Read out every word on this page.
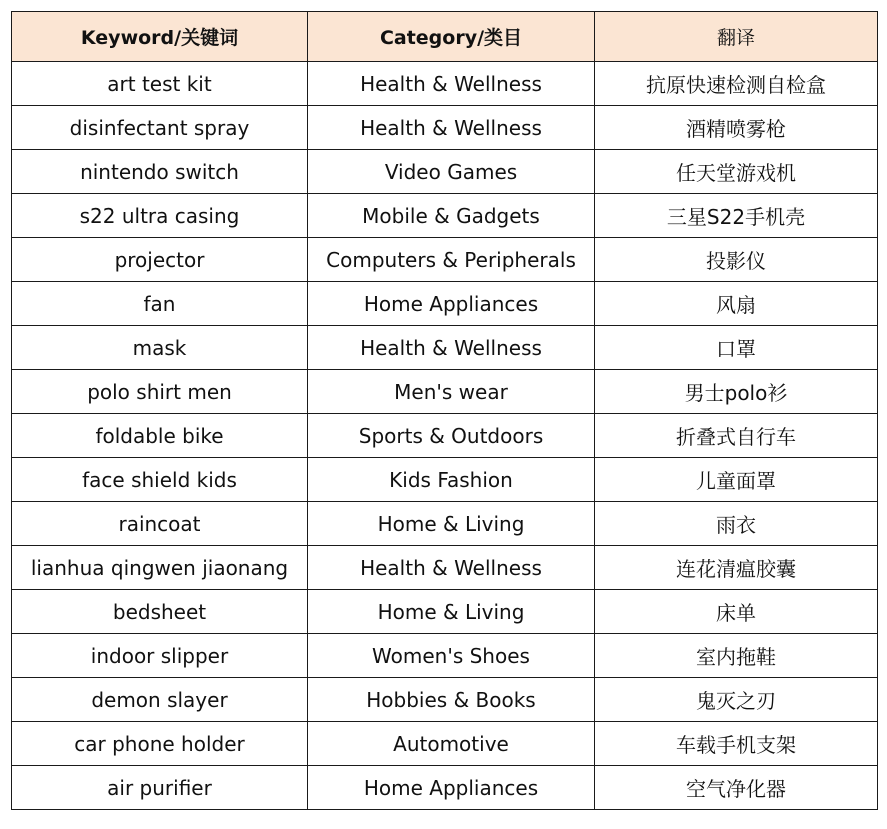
Keyword/关键词	Category/类目	翻译
art test kit	Health & Wellness	抗原快速检测自检盒
disinfectant spray	Health & Wellness	酒精喷雾枪
nintendo switch	Video Games	任天堂游戏机
s22 ultra casing	Mobile & Gadgets	三星S22手机壳
projector	Computers & Peripherals	投影仪
fan	Home Appliances	风扇
mask	Health & Wellness	口罩
polo shirt men	Men's wear	男士polo衫
foldable bike	Sports & Outdoors	折叠式自行车
face shield kids	Kids Fashion	儿童面罩
raincoat	Home & Living	雨衣
lianhua qingwen jiaonang	Health & Wellness	连花清瘟胶囊
bedsheet	Home & Living	床单
indoor slipper	Women's Shoes	室内拖鞋
demon slayer	Hobbies & Books	鬼灭之刃
car phone holder	Automotive	车载手机支架
air purifier	Home Appliances	空气净化器
